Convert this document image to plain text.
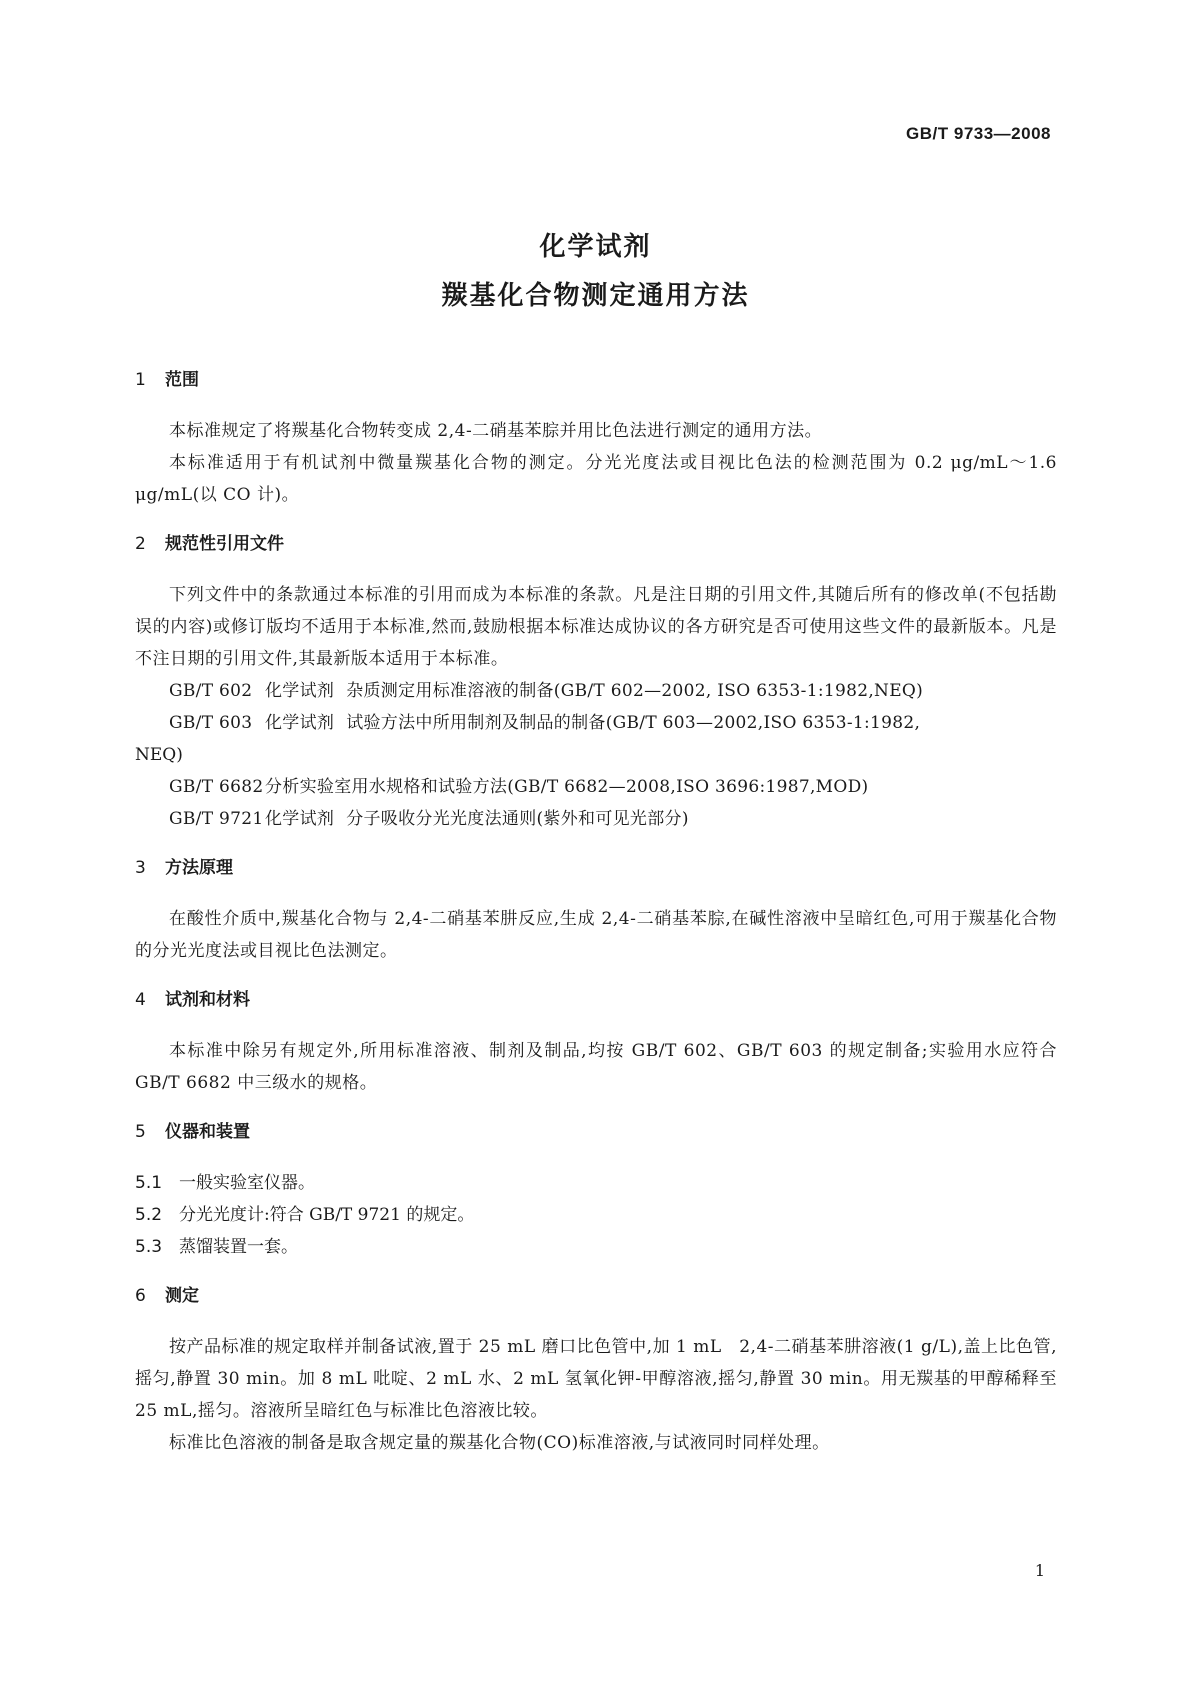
GB/T 9733—2008
化学试剂
羰基化合物测定通用方法
1 范围

本标准规定了将羰基化合物转变成 2,4-二硝基苯腙并用比色法进行测定的通用方法。

本标准适用于有机试剂中微量羰基化合物的测定。分光光度法或目视比色法的检测范围为 0.2 μg/mL～1.6 μg/mL(以 CO 计)。

2 规范性引用文件

下列文件中的条款通过本标准的引用而成为本标准的条款。凡是注日期的引用文件,其随后所有的修改单(不包括勘误的内容)或修订版均不适用于本标准,然而,鼓励根据本标准达成协议的各方研究是否可使用这些文件的最新版本。凡是不注日期的引用文件,其最新版本适用于本标准。

GB/T 602 化学试剂 杂质测定用标准溶液的制备(GB/T 602—2002, ISO 6353-1:1982,NEQ)

GB/T 603 化学试剂 试验方法中所用制剂及制品的制备(GB/T 603—2002,ISO 6353-1:1982,

NEQ)

GB/T 6682分析实验室用水规格和试验方法(GB/T 6682—2008,ISO 3696:1987,MOD)

GB/T 9721化学试剂 分子吸收分光光度法通则(紫外和可见光部分)

3 方法原理

在酸性介质中,羰基化合物与 2,4-二硝基苯肼反应,生成 2,4-二硝基苯腙,在碱性溶液中呈暗红色,可用于羰基化合物的分光光度法或目视比色法测定。

4 试剂和材料

本标准中除另有规定外,所用标准溶液、制剂及制品,均按 GB/T 602、GB/T 603 的规定制备;实验用水应符合 GB/T 6682 中三级水的规格。

5 仪器和装置

5.1 一般实验室仪器。

5.2 分光光度计:符合 GB/T 9721 的规定。

5.3 蒸馏装置一套。

6 测定

按产品标准的规定取样并制备试液,置于 25 mL 磨口比色管中,加 1 mL　2,4-二硝基苯肼溶液(1 g/L),盖上比色管,摇匀,静置 30 min。加 8 mL 吡啶、2 mL 水、2 mL 氢氧化钾-甲醇溶液,摇匀,静置 30 min。用无羰基的甲醇稀释至 25 mL,摇匀。溶液所呈暗红色与标准比色溶液比较。

标准比色溶液的制备是取含规定量的羰基化合物(CO)标准溶液,与试液同时同样处理。

1
